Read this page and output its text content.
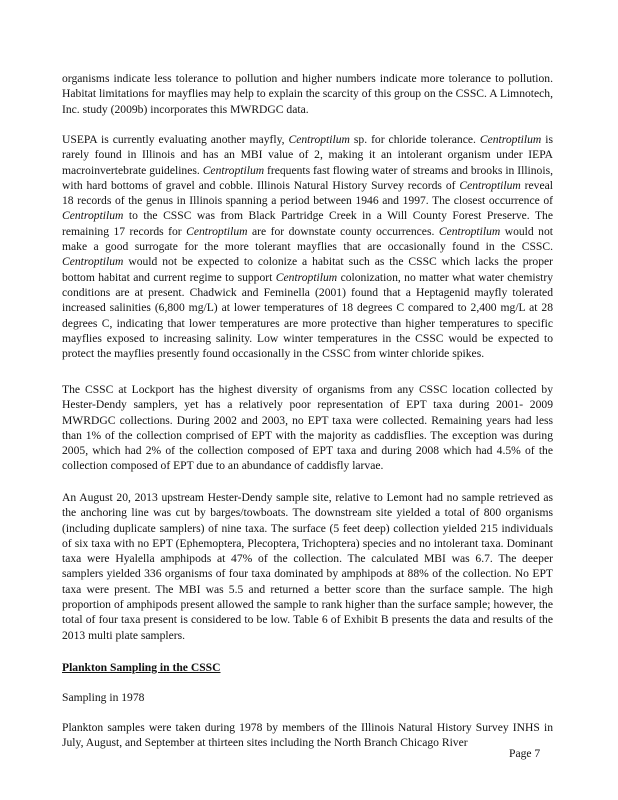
organisms indicate less tolerance to pollution and higher numbers indicate more tolerance to pollution. Habitat limitations for mayflies may help to explain the scarcity of this group on the CSSC. A Limnotech, Inc. study (2009b) incorporates this MWRDGC data.

USEPA is currently evaluating another mayfly, Centroptilum sp. for chloride tolerance. Centroptilum is rarely found in Illinois and has an MBI value of 2, making it an intolerant organism under IEPA macroinvertebrate guidelines. Centroptilum frequents fast flowing water of streams and brooks in Illinois, with hard bottoms of gravel and cobble. Illinois Natural History Survey records of Centroptilum reveal 18 records of the genus in Illinois spanning a period between 1946 and 1997. The closest occurrence of Centroptilum to the CSSC was from Black Partridge Creek in a Will County Forest Preserve. The remaining 17 records for Centroptilum are for downstate county occurrences. Centroptilum would not make a good surrogate for the more tolerant mayflies that are occasionally found in the CSSC. Centroptilum would not be expected to colonize a habitat such as the CSSC which lacks the proper bottom habitat and current regime to support Centroptilum colonization, no matter what water chemistry conditions are at present. Chadwick and Feminella (2001) found that a Heptagenid mayfly tolerated increased salinities (6,800 mg/L) at lower temperatures of 18 degrees C compared to 2,400 mg/L at 28 degrees C, indicating that lower temperatures are more protective than higher temperatures to specific mayflies exposed to increasing salinity. Low winter temperatures in the CSSC would be expected to protect the mayflies presently found occasionally in the CSSC from winter chloride spikes.

The CSSC at Lockport has the highest diversity of organisms from any CSSC location collected by Hester-Dendy samplers, yet has a relatively poor representation of EPT taxa during 2001- 2009 MWRDGC collections. During 2002 and 2003, no EPT taxa were collected. Remaining years had less than 1% of the collection comprised of EPT with the majority as caddisflies. The exception was during 2005, which had 2% of the collection composed of EPT taxa and during 2008 which had 4.5% of the collection composed of EPT due to an abundance of caddisfly larvae.

An August 20, 2013 upstream Hester-Dendy sample site, relative to Lemont had no sample retrieved as the anchoring line was cut by barges/towboats. The downstream site yielded a total of 800 organisms (including duplicate samplers) of nine taxa. The surface (5 feet deep) collection yielded 215 individuals of six taxa with no EPT (Ephemoptera, Plecoptera, Trichoptera) species and no intolerant taxa. Dominant taxa were Hyalella amphipods at 47% of the collection. The calculated MBI was 6.7. The deeper samplers yielded 336 organisms of four taxa dominated by amphipods at 88% of the collection. No EPT taxa were present. The MBI was 5.5 and returned a better score than the surface sample. The high proportion of amphipods present allowed the sample to rank higher than the surface sample; however, the total of four taxa present is considered to be low. Table 6 of Exhibit B presents the data and results of the 2013 multi plate samplers.

Plankton Sampling in the CSSC

Sampling in 1978

Plankton samples were taken during 1978 by members of the Illinois Natural History Survey INHS in July, August, and September at thirteen sites including the North Branch Chicago River

Page 7
